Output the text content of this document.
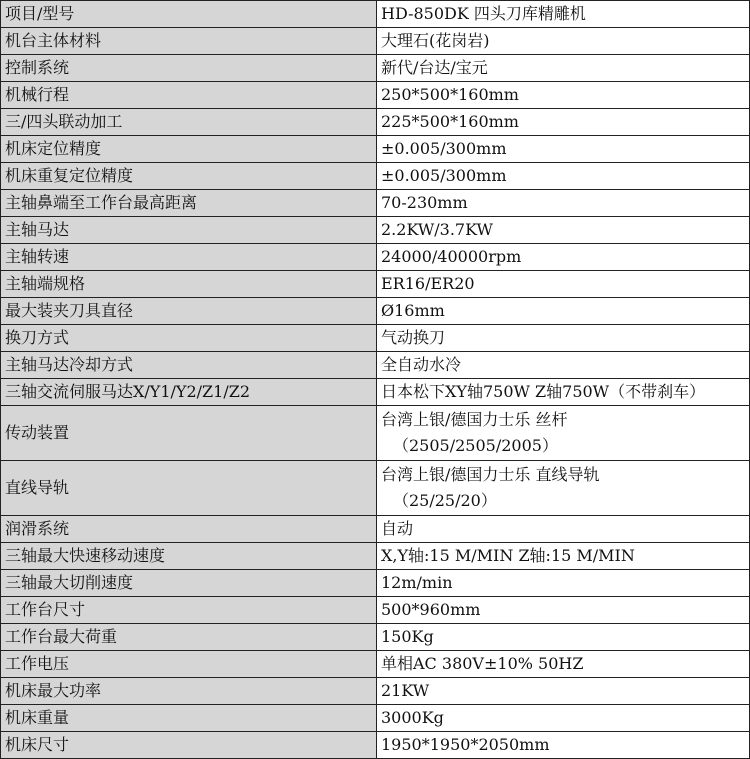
项目/型号	HD-850DK 四头刀库精雕机
机台主体材料	大理石(花岗岩)
控制系统	新代/台达/宝元
机械行程	250*500*160mm
三/四头联动加工	225*500*160mm
机床定位精度	±0.005/300mm
机床重复定位精度	±0.005/300mm
主轴鼻端至工作台最高距离	70-230mm
主轴马达	2.2KW/3.7KW
主轴转速	24000/40000rpm
主轴端规格	ER16/ER20
最大装夹刀具直径	Ø16mm
换刀方式	气动换刀
主轴马达冷却方式	全自动水冷
三轴交流伺服马达X/Y1/Y2/Z1/Z2	日本松下XY轴750W Z轴750W（不带刹车）
传动装置	台湾上银/德国力士乐 丝杆
（2505/2505/2005）

直线导轨	台湾上银/德国力士乐 直线导轨
（25/25/20）

润滑系统	自动
三轴最大快速移动速度	X,Y轴:15 M/MIN Z轴:15 M/MIN
三轴最大切削速度	12m/min
工作台尺寸	500*960mm
工作台最大荷重	150Kg
工作电压	单相AC 380V±10% 50HZ
机床最大功率	21KW
机床重量	3000Kg
机床尺寸	1950*1950*2050mm
